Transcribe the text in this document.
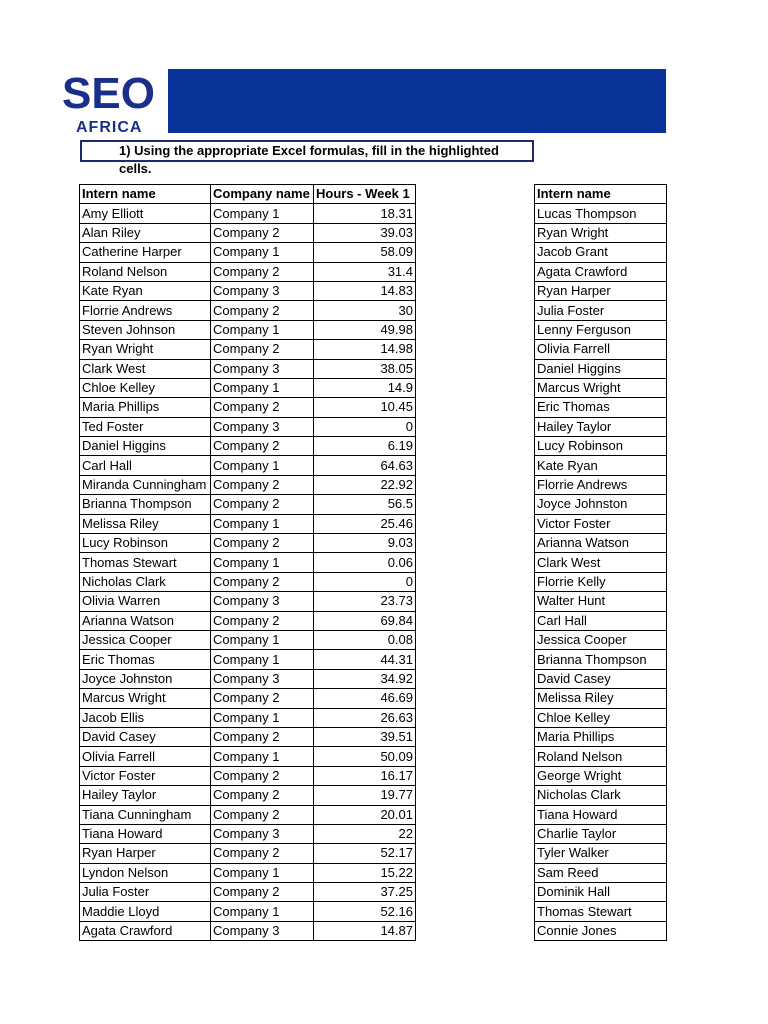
SEO
AFRICA
1) Using the appropriate Excel formulas, fill in the highlighted cells.
Intern name	Company name	Hours - Week 1
Amy Elliott	Company 1	18.31
Alan Riley	Company 2	39.03
Catherine Harper	Company 1	58.09
Roland Nelson	Company 2	31.4
Kate Ryan	Company 3	14.83
Florrie Andrews	Company 2	30
Steven Johnson	Company 1	49.98
Ryan Wright	Company 2	14.98
Clark West	Company 3	38.05
Chloe Kelley	Company 1	14.9
Maria Phillips	Company 2	10.45
Ted Foster	Company 3	0
Daniel Higgins	Company 2	6.19
Carl Hall	Company 1	64.63
Miranda Cunningham	Company 2	22.92
Brianna Thompson	Company 2	56.5
Melissa Riley	Company 1	25.46
Lucy Robinson	Company 2	9.03
Thomas Stewart	Company 1	0.06
Nicholas Clark	Company 2	0
Olivia Warren	Company 3	23.73
Arianna Watson	Company 2	69.84
Jessica Cooper	Company 1	0.08
Eric Thomas	Company 1	44.31
Joyce Johnston	Company 3	34.92
Marcus Wright	Company 2	46.69
Jacob Ellis	Company 1	26.63
David Casey	Company 2	39.51
Olivia Farrell	Company 1	50.09
Victor Foster	Company 2	16.17
Hailey Taylor	Company 2	19.77
Tiana Cunningham	Company 2	20.01
Tiana Howard	Company 3	22
Ryan Harper	Company 2	52.17
Lyndon Nelson	Company 1	15.22
Julia Foster	Company 2	37.25
Maddie Lloyd	Company 1	52.16
Agata Crawford	Company 3	14.87
Intern name
Lucas Thompson
Ryan Wright
Jacob Grant
Agata Crawford
Ryan Harper
Julia Foster
Lenny Ferguson
Olivia Farrell
Daniel Higgins
Marcus Wright
Eric Thomas
Hailey Taylor
Lucy Robinson
Kate Ryan
Florrie Andrews
Joyce Johnston
Victor Foster
Arianna Watson
Clark West
Florrie Kelly
Walter Hunt
Carl Hall
Jessica Cooper
Brianna Thompson
David Casey
Melissa Riley
Chloe Kelley
Maria Phillips
Roland Nelson
George Wright
Nicholas Clark
Tiana Howard
Charlie Taylor
Tyler Walker
Sam Reed
Dominik Hall
Thomas Stewart
Connie Jones
